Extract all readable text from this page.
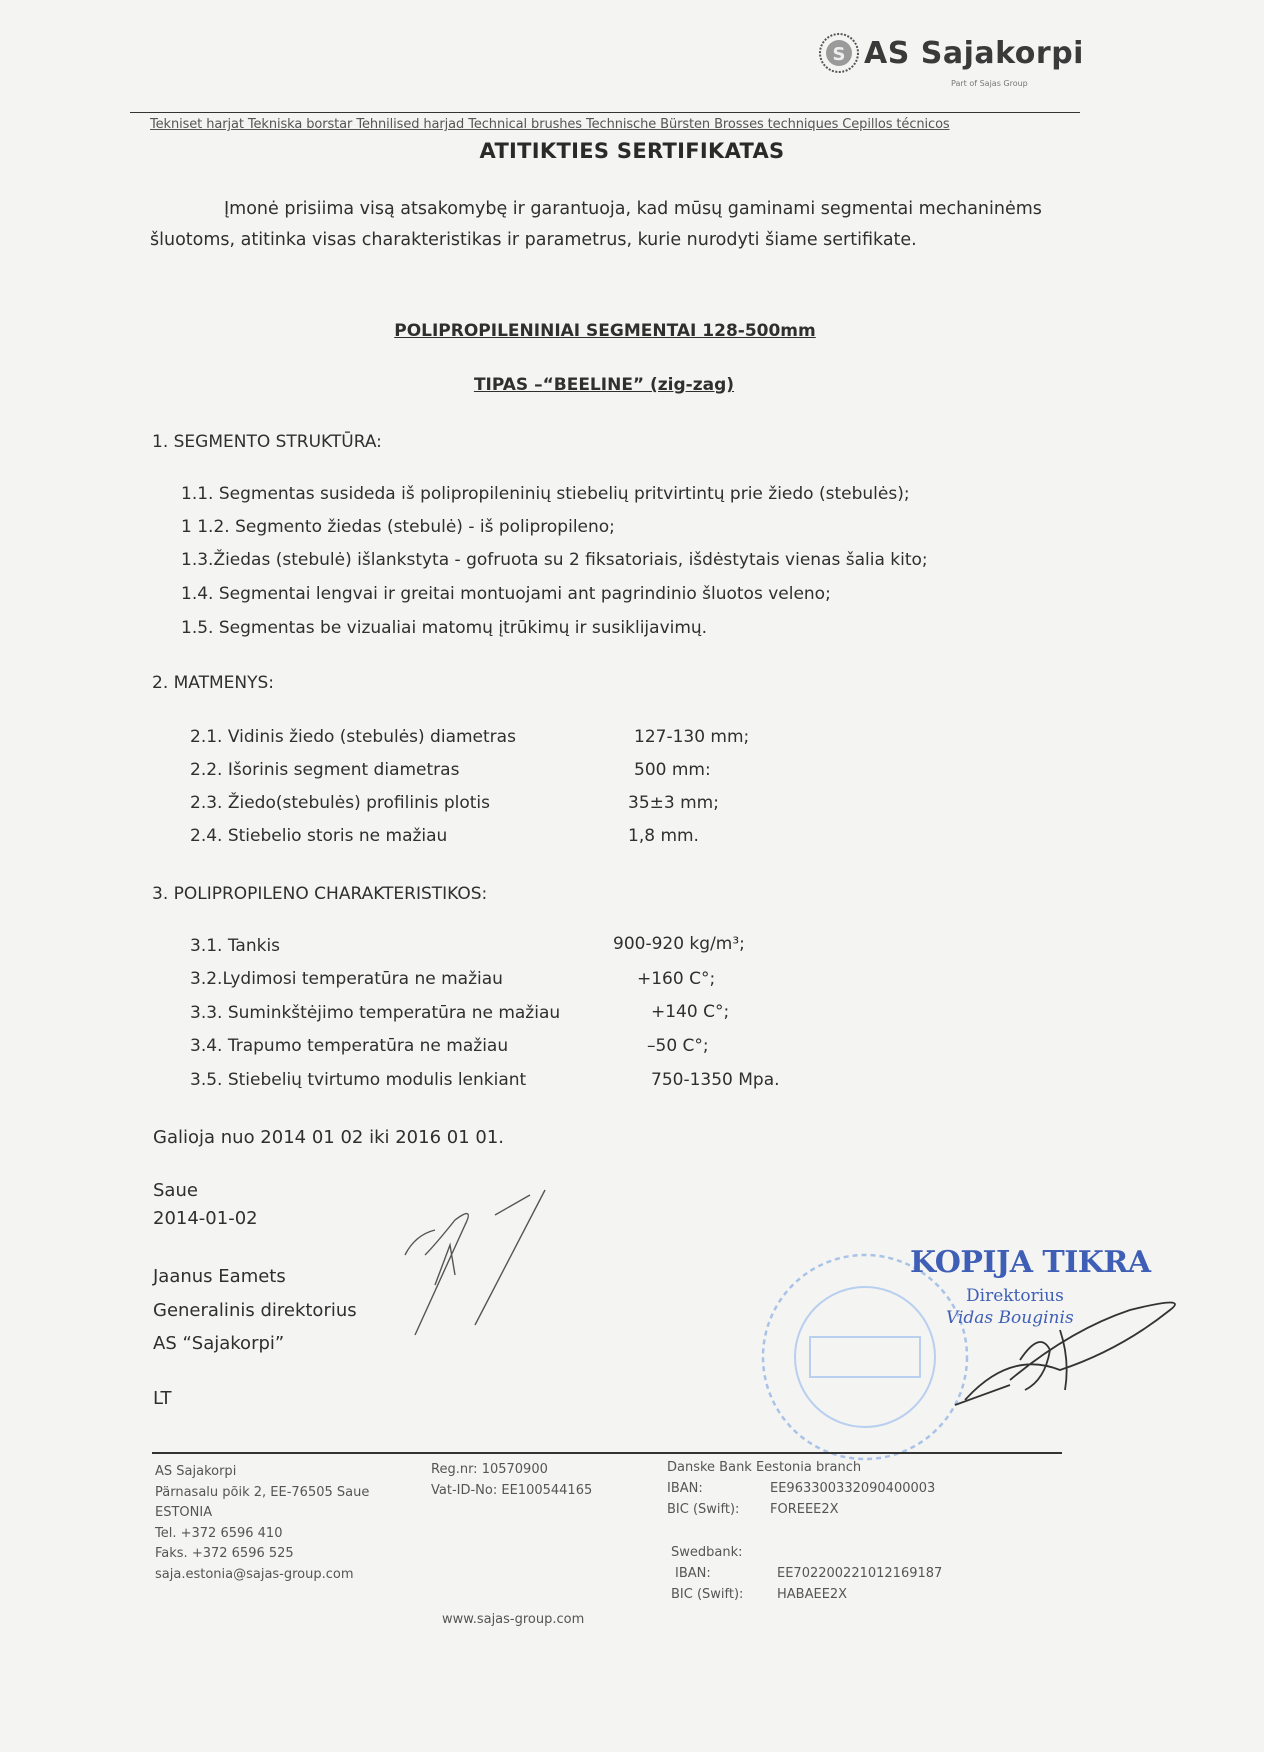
S AS Sajakorpi
Part of Sajas Group
Tekniset harjat Tekniska borstar Tehnilised harjad Technical brushes Technische Bürsten Brosses techniques Cepillos técnicos
ATITIKTIES SERTIFIKATAS
Įmonė prisiima visą atsakomybę ir garantuoja, kad mūsų gaminami segmentai mechaninėms šluotoms, atitinka visas charakteristikas ir parametrus, kurie nurodyti šiame sertifikate.
POLIPROPILENINIAI SEGMENTAI 128-500mm
TIPAS –“BEELINE” (zig-zag)
1. SEGMENTO STRUKTŪRA:
1.1. Segmentas susideda iš polipropileninių stiebelių pritvirtintų prie žiedo (stebulės);
1 1.2. Segmento žiedas (stebulė) - iš polipropileno;
1.3.Žiedas (stebulė) išlankstyta - gofruota su 2 fiksatoriais, išdėstytais vienas šalia kito;
1.4. Segmentai lengvai ir greitai montuojami ant pagrindinio šluotos veleno;
1.5. Segmentas be vizualiai matomų įtrūkimų ir susiklijavimų.
2. MATMENYS:
2.1. Vidinis žiedo (stebulės) diametras	127-130 mm;
2.2. Išorinis segment diametras	500 mm:
2.3. Žiedo(stebulės) profilinis plotis	35±3 mm;
2.4. Stiebelio storis ne mažiau	1,8 mm.
3. POLIPROPILENO CHARAKTERISTIKOS:
3.1. Tankis	900-920 kg/m³;
3.2.Lydimosi temperatūra ne mažiau	+160 C°;
3.3. Suminkštėjimo temperatūra ne mažiau	+140 C°;
3.4. Trapumo temperatūra ne mažiau	–50 C°;
3.5. Stiebelių tvirtumo modulis lenkiant	750-1350 Mpa.
Galioja nuo 2014 01 02 iki 2016 01 01.
Saue
2014-01-02
Jaanus Eamets
Generalinis direktorius
AS “Sajakorpi”
LT
KOPIJA TIKRA
Direktorius
Vidas Bouginis
AS Sajakorpi
Pärnasalu põik 2, EE-76505 Saue
ESTONIA
Tel. +372 6596 410
Faks. +372 6596 525
saja.estonia@sajas-group.com
Reg.nr: 10570900
Vat-ID-No: EE100544165
Danske Bank Eestonia branch
IBAN:	EE963300332090400003
BIC (Swift): FOREEE2X
Swedbank:
IBAN:	EE702200221012169187
BIC (Swift):	HABAEE2X
www.sajas-group.com
